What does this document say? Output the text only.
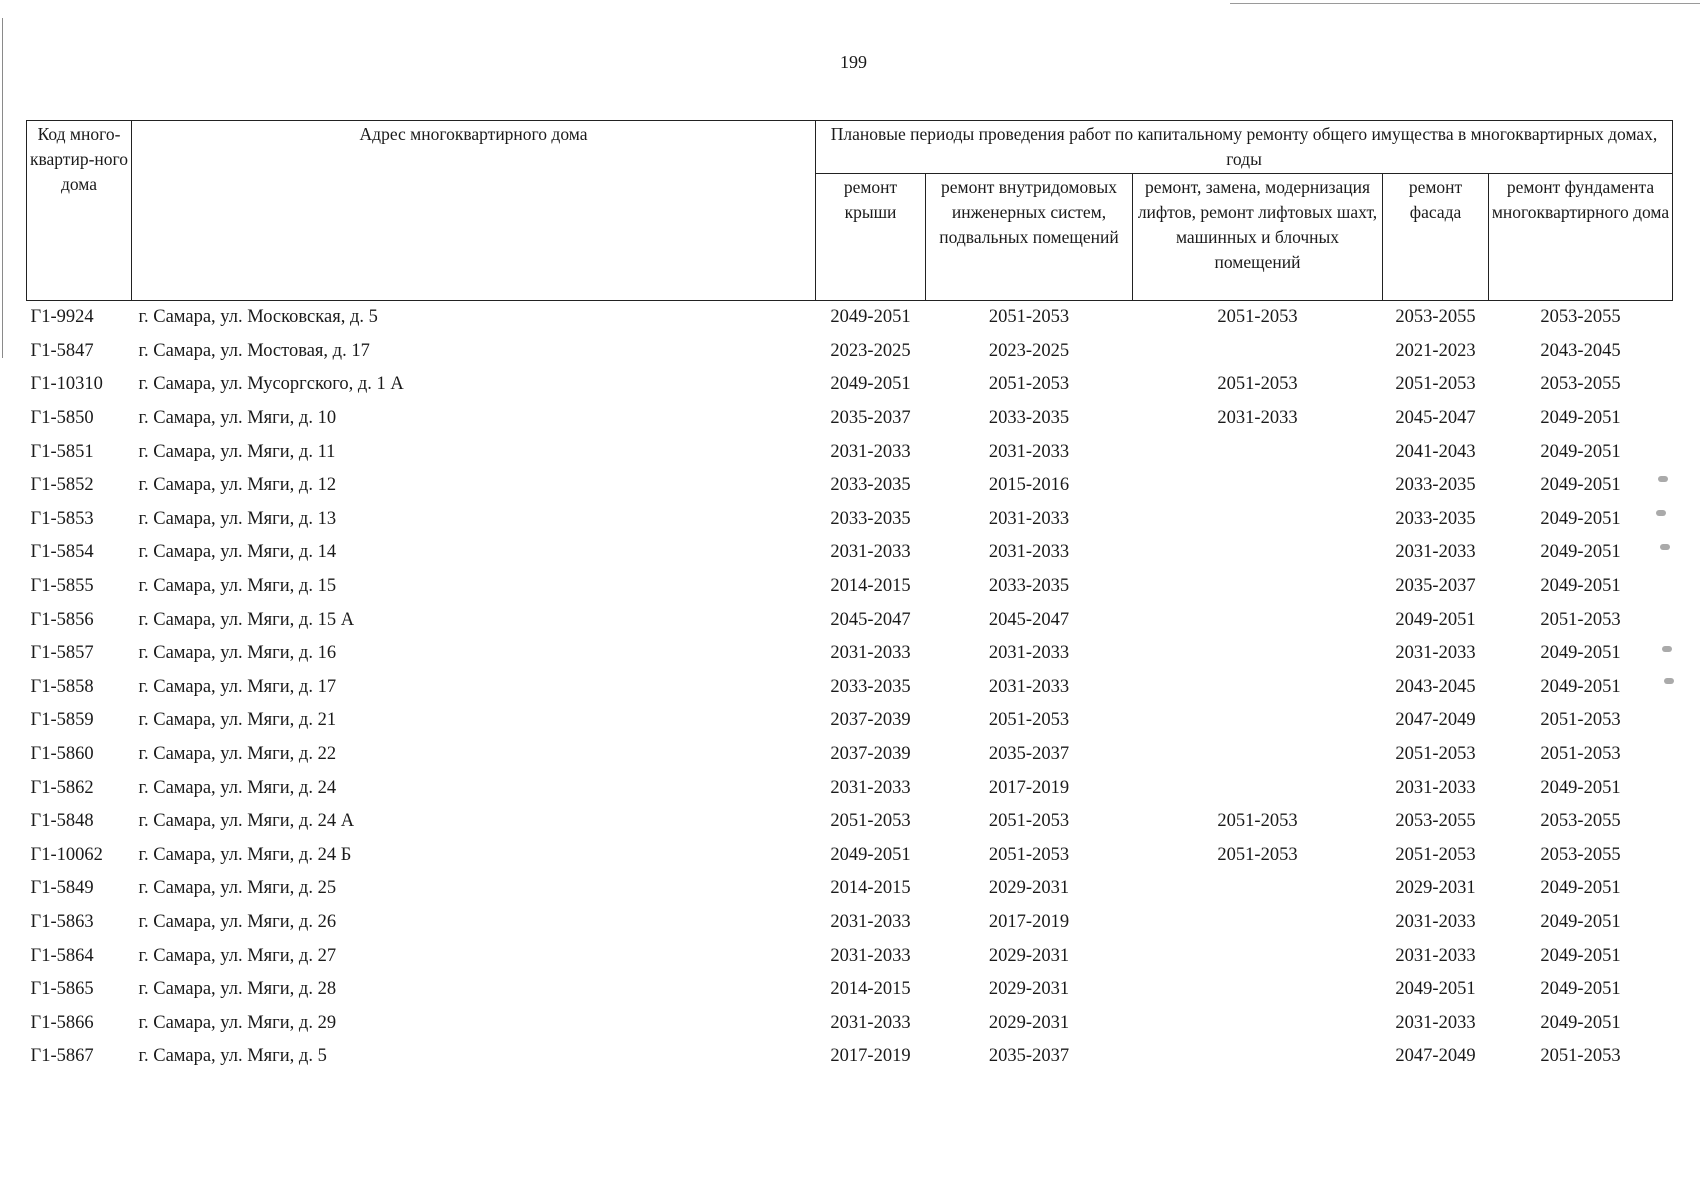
199
Код много-квартир-ного дома	Адрес многоквартирного дома	Плановые периоды проведения работ по капитальному ремонту общего имущества в многоквартирных домах, годы				
		ремонт крыши	ремонт внутридомовых инженерных систем, подвальных помещений	ремонт, замена, модернизация лифтов, ремонт лифтовых шахт, машинных и блочных помещений	ремонт фасада	ремонт фундамента многоквартирного дома
Г1-9924	г. Самара, ул. Московская, д. 5	2049-2051	2051-2053	2051-2053	2053-2055	2053-2055
Г1-5847	г. Самара, ул. Мостовая, д. 17	2023-2025	2023-2025		2021-2023	2043-2045
Г1-10310	г. Самара, ул. Мусоргского, д. 1 А	2049-2051	2051-2053	2051-2053	2051-2053	2053-2055
Г1-5850	г. Самара, ул. Мяги, д. 10	2035-2037	2033-2035	2031-2033	2045-2047	2049-2051
Г1-5851	г. Самара, ул. Мяги, д. 11	2031-2033	2031-2033		2041-2043	2049-2051
Г1-5852	г. Самара, ул. Мяги, д. 12	2033-2035	2015-2016		2033-2035	2049-2051
Г1-5853	г. Самара, ул. Мяги, д. 13	2033-2035	2031-2033		2033-2035	2049-2051
Г1-5854	г. Самара, ул. Мяги, д. 14	2031-2033	2031-2033		2031-2033	2049-2051
Г1-5855	г. Самара, ул. Мяги, д. 15	2014-2015	2033-2035		2035-2037	2049-2051
Г1-5856	г. Самара, ул. Мяги, д. 15 А	2045-2047	2045-2047		2049-2051	2051-2053
Г1-5857	г. Самара, ул. Мяги, д. 16	2031-2033	2031-2033		2031-2033	2049-2051
Г1-5858	г. Самара, ул. Мяги, д. 17	2033-2035	2031-2033		2043-2045	2049-2051
Г1-5859	г. Самара, ул. Мяги, д. 21	2037-2039	2051-2053		2047-2049	2051-2053
Г1-5860	г. Самара, ул. Мяги, д. 22	2037-2039	2035-2037		2051-2053	2051-2053
Г1-5862	г. Самара, ул. Мяги, д. 24	2031-2033	2017-2019		2031-2033	2049-2051
Г1-5848	г. Самара, ул. Мяги, д. 24 А	2051-2053	2051-2053	2051-2053	2053-2055	2053-2055
Г1-10062	г. Самара, ул. Мяги, д. 24 Б	2049-2051	2051-2053	2051-2053	2051-2053	2053-2055
Г1-5849	г. Самара, ул. Мяги, д. 25	2014-2015	2029-2031		2029-2031	2049-2051
Г1-5863	г. Самара, ул. Мяги, д. 26	2031-2033	2017-2019		2031-2033	2049-2051
Г1-5864	г. Самара, ул. Мяги, д. 27	2031-2033	2029-2031		2031-2033	2049-2051
Г1-5865	г. Самара, ул. Мяги, д. 28	2014-2015	2029-2031		2049-2051	2049-2051
Г1-5866	г. Самара, ул. Мяги, д. 29	2031-2033	2029-2031		2031-2033	2049-2051
Г1-5867	г. Самара, ул. Мяги, д. 5	2017-2019	2035-2037		2047-2049	2051-2053
